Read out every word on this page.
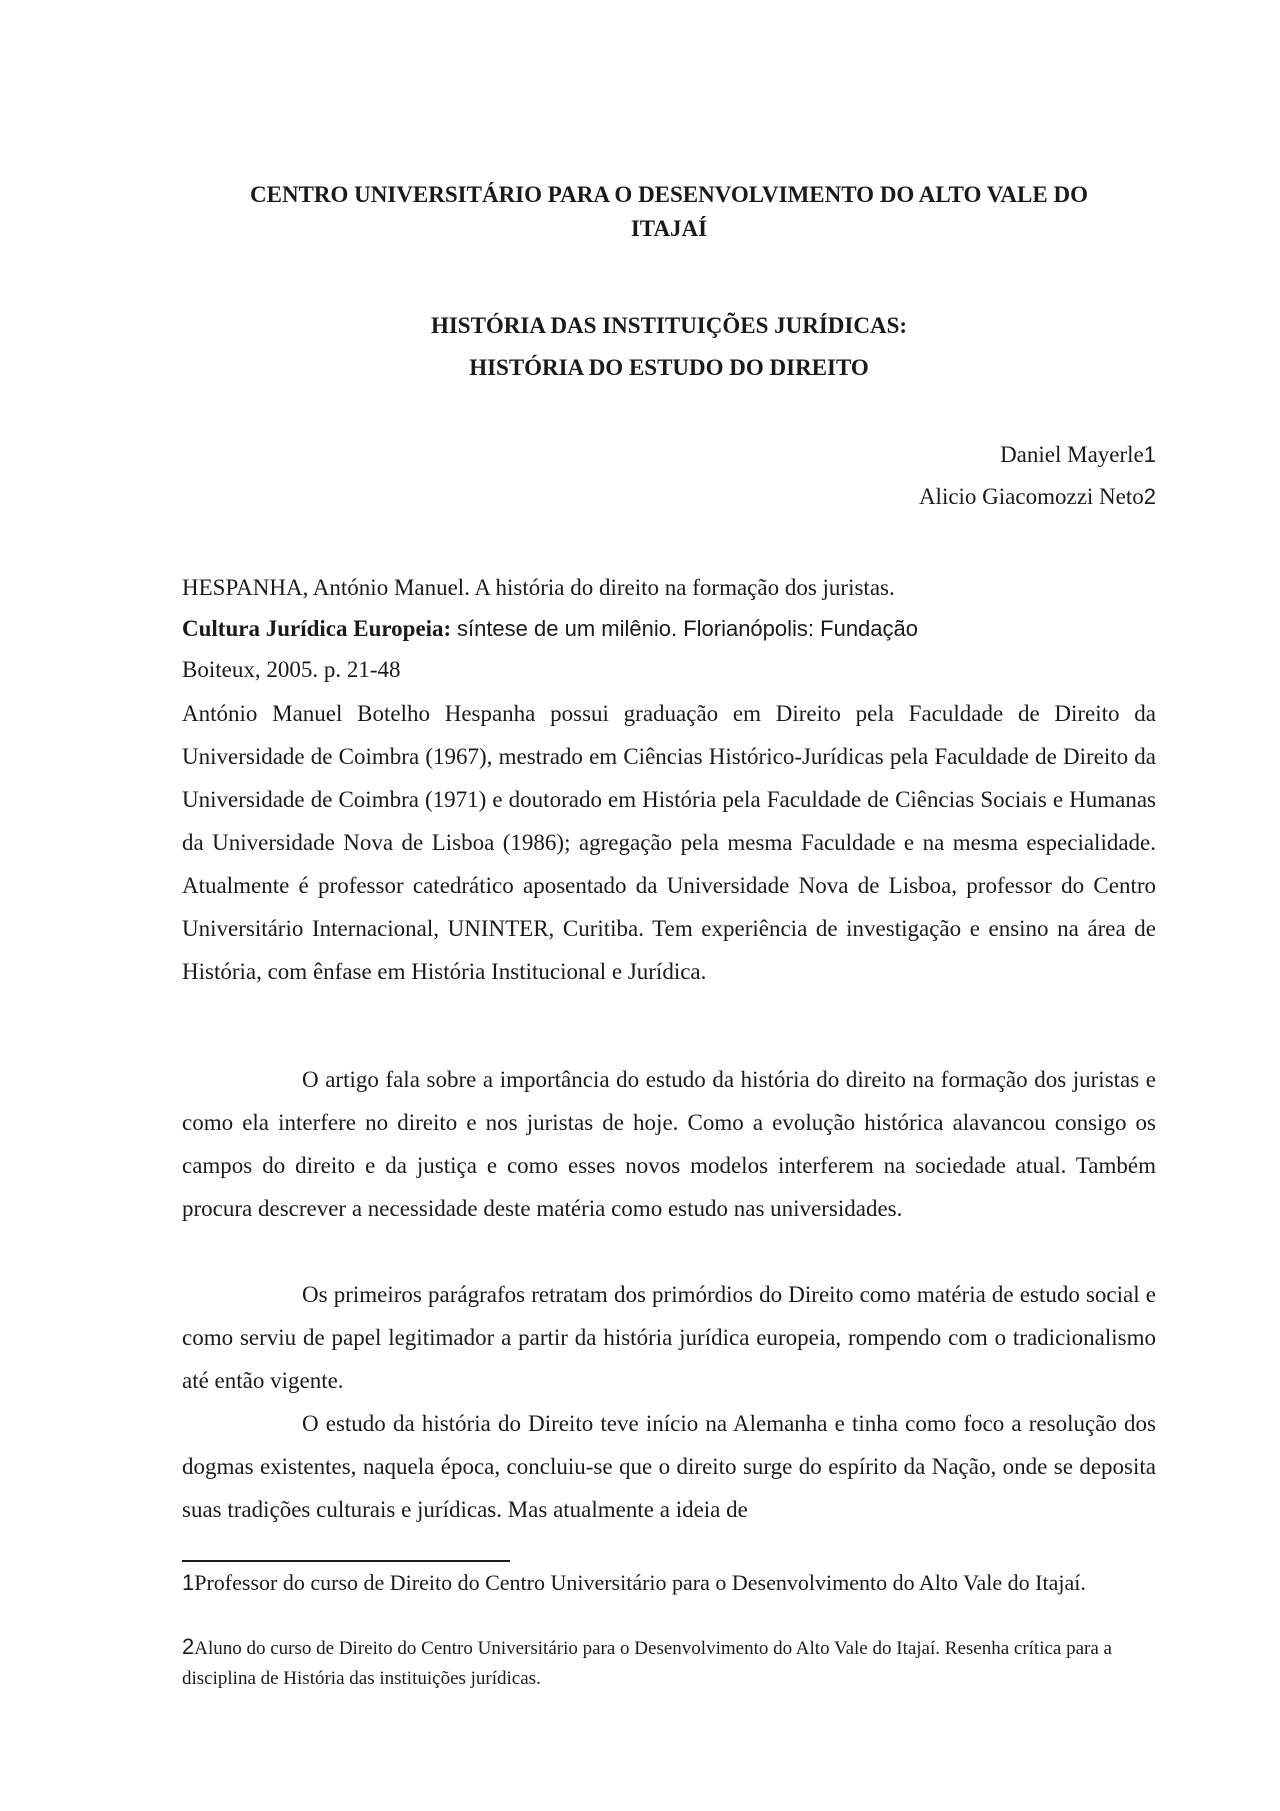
CENTRO UNIVERSITÁRIO PARA O DESENVOLVIMENTO DO ALTO VALE DO
ITAJAÍ
HISTÓRIA DAS INSTITUIÇÕES JURÍDICAS:
HISTÓRIA DO ESTUDO DO DIREITO
Daniel Mayerle1
Alicio Giacomozzi Neto2
HESPANHA, António Manuel. A história do direito na formação dos juristas.
Cultura Jurídica Europeia: síntese de um milênio. Florianópolis: Fundação
Boiteux, 2005. p. 21-48

António Manuel Botelho Hespanha possui graduação em Direito pela Faculdade de Direito da Universidade de Coimbra (1967), mestrado em Ciências Histórico-Jurídicas pela Faculdade de Direito da Universidade de Coimbra (1971) e doutorado em História pela Faculdade de Ciências Sociais e Humanas da Universidade Nova de Lisboa (1986); agregação pela mesma Faculdade e na mesma especialidade. Atualmente é professor catedrático aposentado da Universidade Nova de Lisboa, professor do Centro Universitário Internacional, UNINTER, Curitiba. Tem experiência de investigação e ensino na área de História, com ênfase em História Institucional e Jurídica.

O artigo fala sobre a importância do estudo da história do direito na formação dos juristas e como ela interfere no direito e nos juristas de hoje. Como a evolução histórica alavancou consigo os campos do direito e da justiça e como esses novos modelos interferem na sociedade atual. Também procura descrever a necessidade deste matéria como estudo nas universidades.

Os primeiros parágrafos retratam dos primórdios do Direito como matéria de estudo social e como serviu de papel legitimador a partir da história jurídica europeia, rompendo com o tradicionalismo até então vigente.

O estudo da história do Direito teve início na Alemanha e tinha como foco a resolução dos dogmas existentes, naquela época, concluiu-se que o direito surge do espírito da Nação, onde se deposita suas tradições culturais e jurídicas. Mas atualmente a ideia de

1Professor do curso de Direito do Centro Universitário para o Desenvolvimento do Alto Vale do Itajaí.
2Aluno do curso de Direito do Centro Universitário para o Desenvolvimento do Alto Vale do Itajaí. Resenha crítica para a disciplina de História das instituições jurídicas.
